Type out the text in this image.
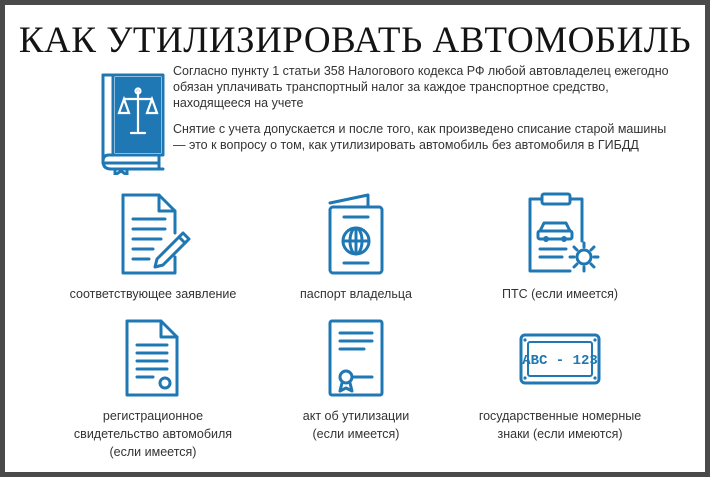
КАК УТИЛИЗИРОВАТЬ АВТОМОБИЛЬ

Согласно пункту 1 статьи 358 Налогового кодекса РФ любой автовладелец ежегодно обязан уплачивать транспортный налог за каждое транспортное средство, находящееся на учете

Снятие с учета допускается и после того, как произведено списание старой машины — это к вопросу о том, как утилизировать автомобиль без автомобиля в ГИБДД

соответствующее заявление	паспорт владельца	ПТС (если имеется)
регистрационное
свидетельство автомобиля
(если имеется)
акт об утилизации
(если имеется)
ABC - 123
государственные номерные
знаки (если имеются)
